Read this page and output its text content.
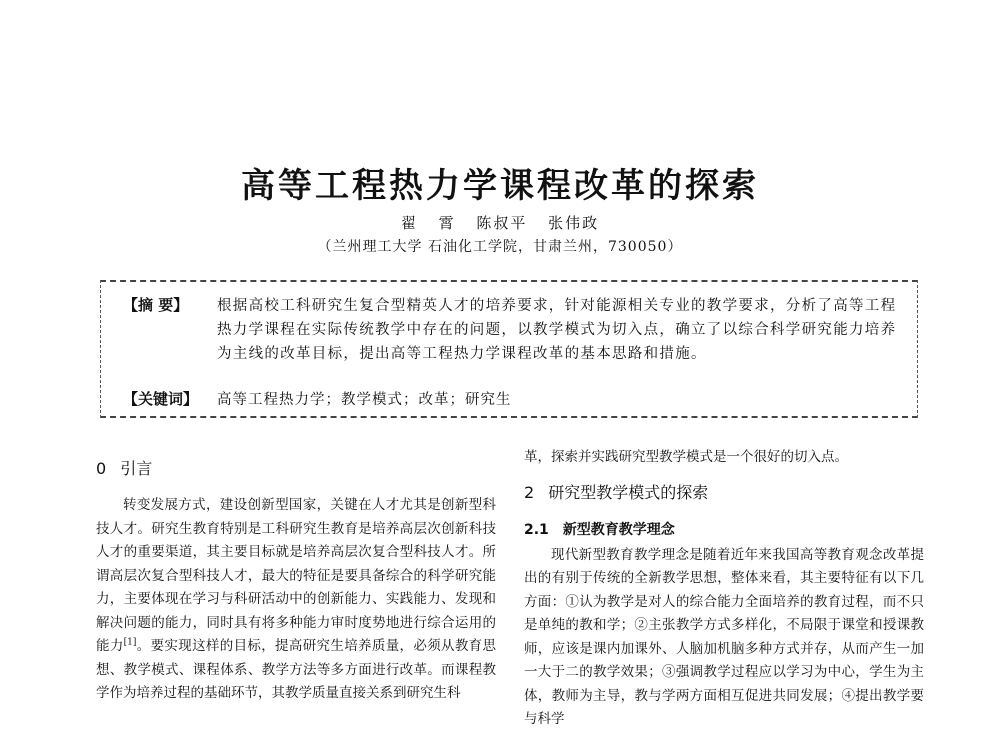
高等工程热力学课程改革的探索
翟 霄 陈叔平 张伟政
（兰州理工大学 石油化工学院，甘肃兰州，730050）
【摘 要】 根据高校工科研究生复合型精英人才的培养要求，针对能源相关专业的教学要求，分析了高等工程热力学课程在实际传统教学中存在的问题，以教学模式为切入点，确立了以综合科学研究能力培养为主线的改革目标，提出高等工程热力学课程改革的基本思路和措施。

【关键词】 高等工程热力学；教学模式；改革；研究生
0 引言

转变发展方式，建设创新型国家，关键在人才尤其是创新型科技人才。研究生教育特别是工科研究生教育是培养高层次创新科技人才的重要渠道，其主要目标就是培养高层次复合型科技人才。所谓高层次复合型科技人才，最大的特征是要具备综合的科学研究能力，主要体现在学习与科研活动中的创新能力、实践能力、发现和解决问题的能力，同时具有将多种能力审时度势地进行综合运用的能力[1]。要实现这样的目标，提高研究生培养质量，必须从教育思想、教学模式、课程体系、教学方法等多方面进行改革。而课程教学作为培养过程的基础环节，其教学质量直接关系到研究生科

革，探索并实践研究型教学模式是一个很好的切入点。

2 研究型教学模式的探索
2.1 新型教育教学理念

现代新型教育教学理念是随着近年来我国高等教育观念改革提出的有别于传统的全新教学思想，整体来看，其主要特征有以下几方面：①认为教学是对人的综合能力全面培养的教育过程，而不只是单纯的教和学；②主张教学方式多样化，不局限于课堂和授课教师，应该是课内加课外、人脑加机脑多种方式并存，从而产生一加一大于二的教学效果；③强调教学过程应以学习为中心，学生为主体，教师为主导，教与学两方面相互促进共同发展；④提出教学要与科学
